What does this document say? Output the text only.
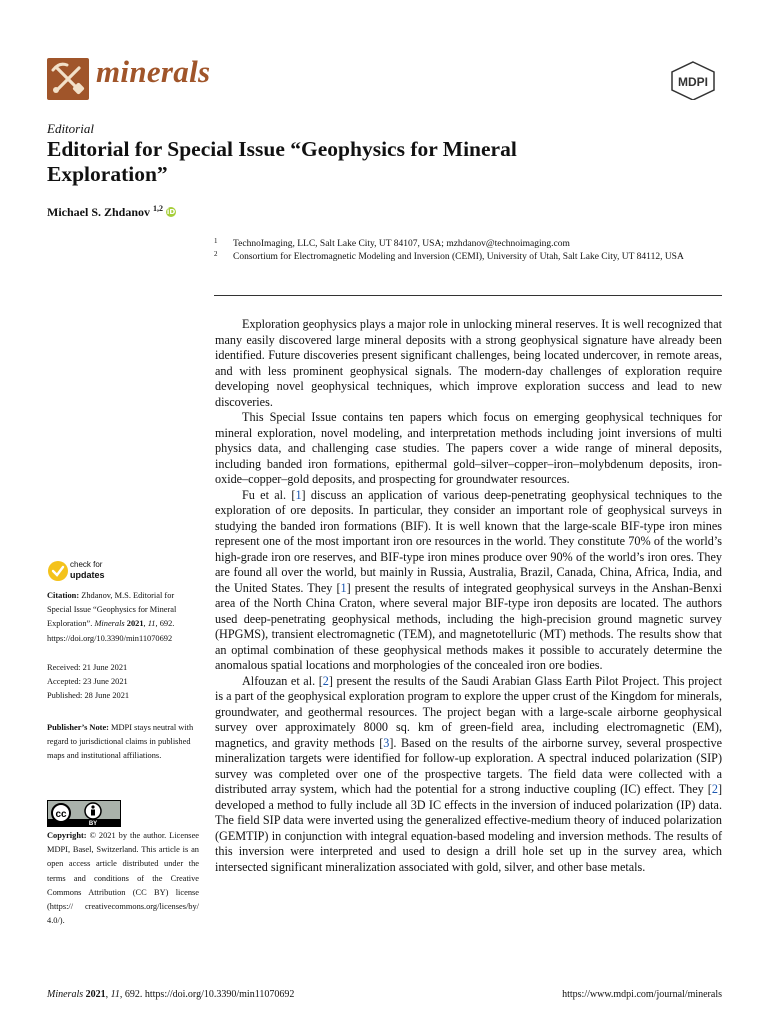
minerals	MDPI
Editorial
Editorial for Special Issue “Geophysics for Mineral Exploration”
Michael S. Zhdanov $^{1,2}$ iD
1 TechnoImaging, LLC, Salt Lake City, UT 84107, USA; mzhdanov@technoimaging.com
2 Consortium for Electromagnetic Modeling and Inversion (CEMI), University of Utah, Salt Lake City, UT 84112, USA
check for
updates

Citation: Zhdanov, M.S. Editorial for Special Issue “Geophysics for Mineral Exploration”. Minerals 2021, 11, 692. https://doi.org/10.3390/min11070692

Received: 21 June 2021

Accepted: 23 June 2021

Published: 28 June 2021

Publisher’s Note: MDPI stays neutral with regard to jurisdictional claims in published maps and institutional affiliations.

cc
BY

Copyright: © 2021 by the author. Licensee MDPI, Basel, Switzerland. This article is an open access article distributed under the terms and conditions of the Creative Commons Attribution (CC BY) license (https:// creativecommons.org/licenses/by/ 4.0/).

Exploration geophysics plays a major role in unlocking mineral reserves. It is well recognized that many easily discovered large mineral deposits with a strong geophysical signature have already been identified. Future discoveries present significant challenges, being located undercover, in remote areas, and with less prominent geophysical signals. The modern-day challenges of exploration require developing novel geophysical techniques, which improve exploration success and lead to new discoveries.

This Special Issue contains ten papers which focus on emerging geophysical techniques for mineral exploration, novel modeling, and interpretation methods including joint inversions of multi physics data, and challenging case studies. The papers cover a wide range of mineral deposits, including banded iron formations, epithermal gold–silver–copper–iron–molybdenum deposits, iron-oxide–copper–gold deposits, and prospecting for groundwater resources.

Fu et al. [1] discuss an application of various deep-penetrating geophysical techniques to the exploration of ore deposits. In particular, they consider an important role of geophysical surveys in studying the banded iron formations (BIF). It is well known that the large-scale BIF-type iron mines represent one of the most important iron ore resources in the world. They constitute 70% of the world’s high-grade iron ore reserves, and BIF-type iron mines produce over 90% of the world’s iron ores. They are found all over the world, but mainly in Russia, Australia, Brazil, Canada, China, Africa, India, and the United States. They [1] present the results of integrated geophysical surveys in the Anshan-Benxi area of the North China Craton, where several major BIF-type iron deposits are located. The authors used deep-penetrating geophysical methods, including the high-precision ground magnetic survey (HPGMS), transient electromagnetic (TEM), and magnetotelluric (MT) methods. The results show that an optimal combination of these geophysical methods makes it possible to accurately determine the anomalous spatial locations and morphologies of the concealed iron ore bodies.

Alfouzan et al. [2] present the results of the Saudi Arabian Glass Earth Pilot Project. This project is a part of the geophysical exploration program to explore the upper crust of the Kingdom for minerals, groundwater, and geothermal resources. The project began with a large-scale airborne geophysical survey over approximately 8000 sq. km of green-field area, including electromagnetic (EM), magnetics, and gravity methods [3]. Based on the results of the airborne survey, several prospective mineralization targets were identified for follow-up exploration. A spectral induced polarization (SIP) survey was completed over one of the prospective targets. The field data were collected with a distributed array system, which had the potential for a strong inductive coupling (IC) effect. They [2] developed a method to fully include all 3D IC effects in the inversion of induced polarization (IP) data. The field SIP data were inverted using the generalized effective-medium theory of induced polarization (GEMTIP) in conjunction with integral equation-based modeling and inversion methods. The results of this inversion were interpreted and used to design a drill hole set up in the survey area, which intersected significant mineralization associated with gold, silver, and other base metals.

Minerals 2021, 11, 692. https://doi.org/10.3390/min11070692	https://www.mdpi.com/journal/minerals
